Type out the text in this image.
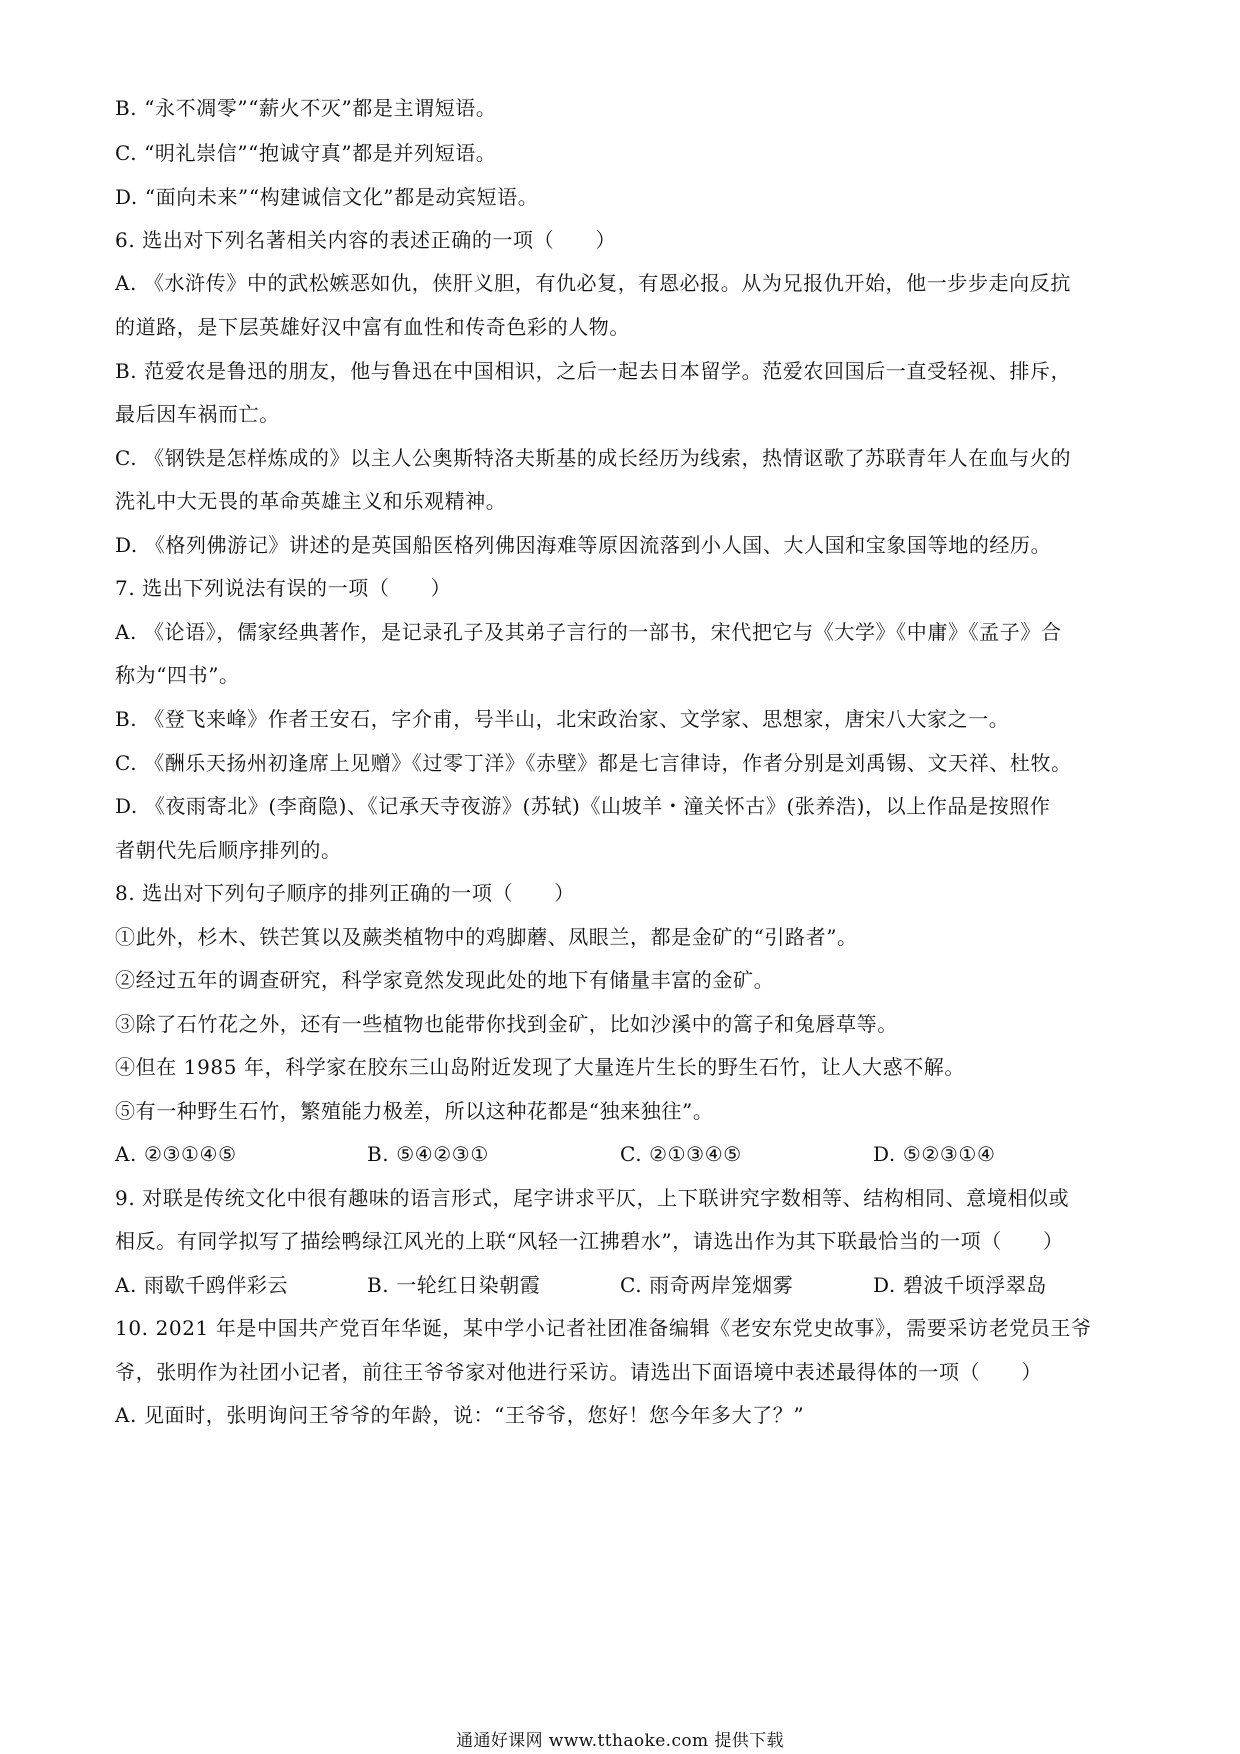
B. “永不凋零”“薪火不灭”都是主谓短语。
C. “明礼崇信”“抱诚守真”都是并列短语。
D. “面向未来”“构建诚信文化”都是动宾短语。
6. 选出对下列名著相关内容的表述正确的一项（　　）
A. 《水浒传》中的武松嫉恶如仇，侠肝义胆，有仇必复，有恩必报。从为兄报仇开始，他一步步走向反抗
的道路，是下层英雄好汉中富有血性和传奇色彩的人物。
B. 范爱农是鲁迅的朋友，他与鲁迅在中国相识，之后一起去日本留学。范爱农回国后一直受轻视、排斥，
最后因车祸而亡。
C. 《钢铁是怎样炼成的》以主人公奥斯特洛夫斯基的成长经历为线索，热情讴歌了苏联青年人在血与火的
洗礼中大无畏的革命英雄主义和乐观精神。
D. 《格列佛游记》讲述的是英国船医格列佛因海难等原因流落到小人国、大人国和宝象国等地的经历。
7. 选出下列说法有误的一项（　　）
A. 《论语》，儒家经典著作，是记录孔子及其弟子言行的一部书，宋代把它与《大学》《中庸》《孟子》合
称为“四书”。
B. 《登飞来峰》作者王安石，字介甫，号半山，北宋政治家、文学家、思想家，唐宋八大家之一。
C. 《酬乐天扬州初逢席上见赠》《过零丁洋》《赤壁》都是七言律诗，作者分别是刘禹锡、文天祥、杜牧。
D. 《夜雨寄北》(李商隐)、《记承天寺夜游》(苏轼)《山坡羊・潼关怀古》(张养浩)，以上作品是按照作
者朝代先后顺序排列的。
8. 选出对下列句子顺序的排列正确的一项（　　）
①此外，杉木、铁芒箕以及蕨类植物中的鸡脚蘑、凤眼兰，都是金矿的“引路者”。
②经过五年的调查研究，科学家竟然发现此处的地下有储量丰富的金矿。
③除了石竹花之外，还有一些植物也能带你找到金矿，比如沙溪中的篙子和兔唇草等。
④但在 1985 年，科学家在胶东三山岛附近发现了大量连片生长的野生石竹，让人大惑不解。
⑤有一种野生石竹，繁殖能力极差，所以这种花都是“独来独往”。
A. ②③①④⑤	B. ⑤④②③①	C. ②①③④⑤	D. ⑤②③①④
9. 对联是传统文化中很有趣味的语言形式，尾字讲求平仄，上下联讲究字数相等、结构相同、意境相似或
相反。有同学拟写了描绘鸭绿江风光的上联“风轻一江拂碧水”，请选出作为其下联最恰当的一项（　　）
A. 雨歇千鸥伴彩云	B. 一轮红日染朝霞	C. 雨奇两岸笼烟雾	D. 碧波千顷浮翠岛
10. 2021 年是中国共产党百年华诞，某中学小记者社团准备编辑《老安东党史故事》，需要采访老党员王爷
爷，张明作为社团小记者，前往王爷爷家对他进行采访。请选出下面语境中表述最得体的一项（　　）
A. 见面时，张明询问王爷爷的年龄，说：“王爷爷，您好！您今年多大了？”
通通好课网 www.tthaoke.com 提供下载
